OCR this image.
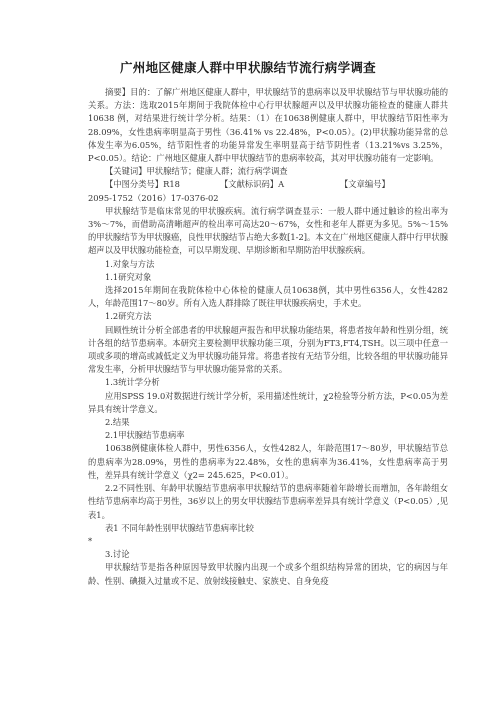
广州地区健康人群中甲状腺结节流行病学调查

摘要】目的：了解广州地区健康人群中，甲状腺结节的患病率以及甲状腺结节与甲状腺功能的关系。方法：选取2015年期间于我院体检中心行甲状腺超声以及甲状腺功能检查的健康人群共 10638 例，对结果进行统计学分析。结果：（1）在10638例健康人群中，甲状腺结节阳性率为28.09%，女性患病率明显高于男性（36.41% vs 22.48%，P<0.05）。(2)甲状腺功能异常的总体发生率为6.05%，结节阳性者的功能异常发生率明显高于结节阴性者（13.21%vs 3.25%，P<0.05）。结论：广州地区健康人群中甲状腺结节的患病率较高，其对甲状腺功能有一定影响。

【关键词】甲状腺结节；健康人群；流行病学调查

【中图分类号】R18	【文献标识码】A	【文章编号】

2095-1752（2016）17-0376-02

甲状腺结节是临床常见的甲状腺疾病。流行病学调查显示：一般人群中通过触诊的检出率为3%～7%，而借助高清晰超声的检出率可高达20～67%，女性和老年人群更为多见。5%～15%的甲状腺结节为甲状腺癌，良性甲状腺结节占绝大多数[1-2]。本文在广州地区健康人群中行甲状腺超声以及甲状腺功能检查，可以早期发现、早期诊断和早期防治甲状腺疾病。

1.对象与方法

1.1研究对象

选择2015年期间在我院体检中心体检的健康人员10638例，其中男性6356人，女性4282人，年龄范围17～80岁。所有入选人群排除了既往甲状腺疾病史，手术史。

1.2研究方法

回顾性统计分析全部患者的甲状腺超声报告和甲状腺功能结果，将患者按年龄和性别分组，统计各组的结节患病率。本研究主要检测甲状腺功能三项，分别为FT3,FT4,TSH。以三项中任意一项或多项的增高或减低定义为甲状腺功能异常。将患者按有无结节分组，比较各组的甲状腺功能异常发生率，分析甲状腺结节与甲状腺功能异常的关系。

1.3统计学分析

应用SPSS 19.0对数据进行统计学分析，采用描述性统计，χ2检验等分析方法，P<0.05为差异具有统计学意义。

2.结果

2.1甲状腺结节患病率

10638例健康体检人群中，男性6356人，女性4282人，年龄范围17～80岁，甲状腺结节总的患病率为28.09%，男性的患病率为22.48%，女性的患病率为36.41%，女性患病率高于男性，差异具有统计学意义（χ2= 245.625，P<0.01）。

2.2不同性别、年龄甲状腺结节患病率甲状腺结节的患病率随着年龄增长而增加，各年龄组女性结节患病率均高于男性，36岁以上的男女甲状腺结节患病率差异具有统计学意义（P<0.05）,见表1。

表1 不同年龄性别甲状腺结节患病率比较

*

3.讨论

甲状腺结节是指各种原因导致甲状腺内出现一个或多个组织结构异常的团块，它的病因与年龄、性别、碘摄入过量或不足、放射线接触史、家族史、自身免疫
